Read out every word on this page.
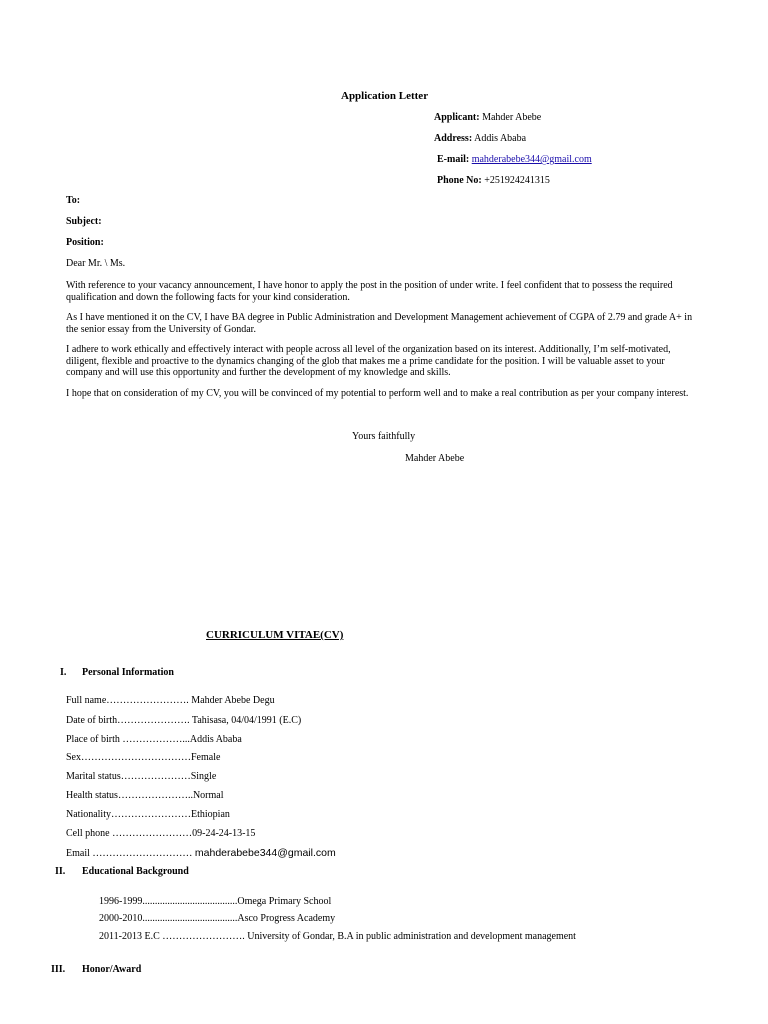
Application Letter
Applicant: Mahder Abebe
Address: Addis Ababa
E-mail: mahderabebe344@gmail.com
Phone No: +251924241315
To:
Subject:
Position:
Dear Mr. \ Ms.
With reference to your vacancy announcement, I have honor to apply the post in the position of under write. I feel confident that to possess the required qualification and down the following facts for your kind consideration.
As I have mentioned it on the CV, I have BA degree in Public Administration and Development Management achievement of CGPA of 2.79 and grade A+ in the senior essay from the University of Gondar.
I adhere to work ethically and effectively interact with people across all level of the organization based on its interest. Additionally, I’m self-motivated, diligent, flexible and proactive to the dynamics changing of the glob that makes me a prime candidate for the position. I will be valuable asset to your company and will use this opportunity and further the development of my knowledge and skills.
I hope that on consideration of my CV, you will be convinced of my potential to perform well and to make a real contribution as per your company interest.
Yours faithfully
Mahder Abebe
CURRICULUM VITAE(CV)
I. Personal Information
Full name……………………. Mahder Abebe Degu
Date of birth…………………. Tahisasa, 04/04/1991 (E.C)
Place of birth ………………...Addis Ababa
Sex……………………………Female
Marital status…………………Single
Health status…………………..Normal
Nationality……………………Ethiopian
Cell phone ……………………09-24-24-13-15
Email ………………………… mahderabebe344@gmail.com
II. Educational Background
1996-1999......................................Omega Primary School
2000-2010......................................Asco Progress Academy
2011-2013 E.C ……………………. University of Gondar, B.A in public administration and development management
III. Honor/Award
